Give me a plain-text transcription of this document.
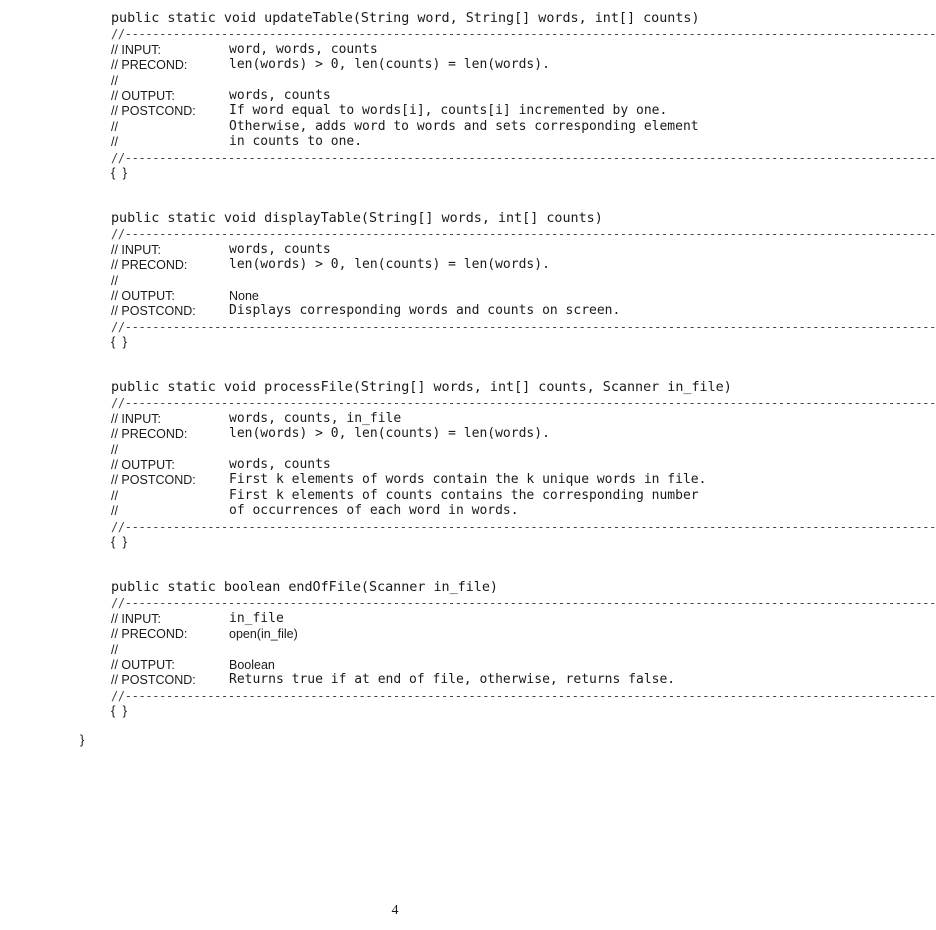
public static void updateTable(String word, String[] words, int[] counts)
//----------------------------------------------------------------------------------------------------------------------
// INPUT:	word, words, counts
// PRECOND:	len(words) > 0, len(counts) = len(words).
//
// OUTPUT:	words, counts
// POSTCOND:	If word equal to words[i], counts[i] incremented by one.
//	Otherwise, adds word to words and sets corresponding element
//	in counts to one.
//----------------------------------------------------------------------------------------------------------------------
{  }
public static void displayTable(String[] words, int[] counts)
//----------------------------------------------------------------------------------------------------------------------
// INPUT:	words, counts
// PRECOND:	len(words) > 0, len(counts) = len(words).
//
// OUTPUT:	None
// POSTCOND:	Displays corresponding words and counts on screen.
//----------------------------------------------------------------------------------------------------------------------
{  }
public static void processFile(String[] words, int[] counts, Scanner in_file)
//----------------------------------------------------------------------------------------------------------------------
// INPUT:	words, counts, in_file
// PRECOND:	len(words) > 0, len(counts) = len(words).
//
// OUTPUT:	words, counts
// POSTCOND:	First k elements of words contain the k unique words in file.
//	First k elements of counts contains the corresponding number
//	of occurrences of each word in words.
//----------------------------------------------------------------------------------------------------------------------
{  }
public static boolean endOfFile(Scanner in_file)
//----------------------------------------------------------------------------------------------------------------------
// INPUT:	in_file
// PRECOND:	open(in_file)
//
// OUTPUT:	Boolean
// POSTCOND:	Returns true if at end of file, otherwise, returns false.
//----------------------------------------------------------------------------------------------------------------------
{  }
}
4
